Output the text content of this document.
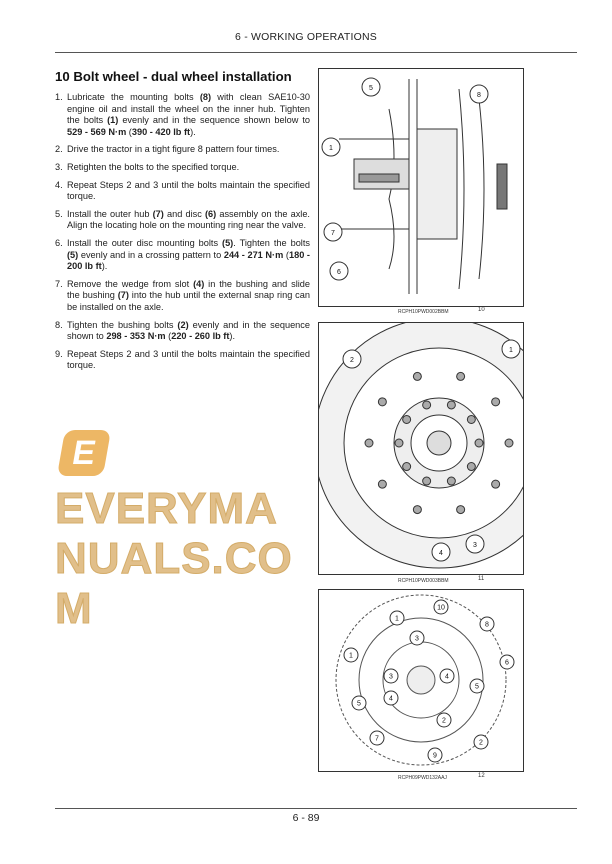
6 - WORKING OPERATIONS
10 Bolt wheel - dual wheel installation
1. Lubricate the mounting bolts (8) with clean SAE10-30 engine oil and install the wheel on the inner hub. Tighten the bolts (1) evenly and in the sequence shown below to 529 - 569 N·m (390 - 420 lb ft).
2. Drive the tractor in a tight figure 8 pattern four times.
3. Retighten the bolts to the specified torque.
4. Repeat Steps 2 and 3 until the bolts maintain the specified torque.
5. Install the outer hub (7) and disc (6) assembly on the axle. Align the locating hole on the mounting ring near the valve.
6. Install the outer disc mounting bolts (5). Tighten the bolts (5) evenly and in a crossing pattern to 244 - 271 N·m (180 - 200 lb ft).
7. Remove the wedge from slot (4) in the bushing and slide the bushing (7) into the hub until the external snap ring can be installed on the axle.
8. Tighten the bushing bolts (2) evenly and in the sequence shown to 298 - 353 N·m (220 - 260 lb ft).
9. Repeat Steps 2 and 3 until the bolts maintain the specified torque.
5
8
1
7
6
RCPH10PWD002BBM	10
2
1
4
3
RCPH10PWD003BBM	11
10
1
8
3
1
6
3	4
5
5
4
2
7
2
9
RCPH09PWD132AAJ	12
E
EVERYMANUALS.COM
6 - 89
